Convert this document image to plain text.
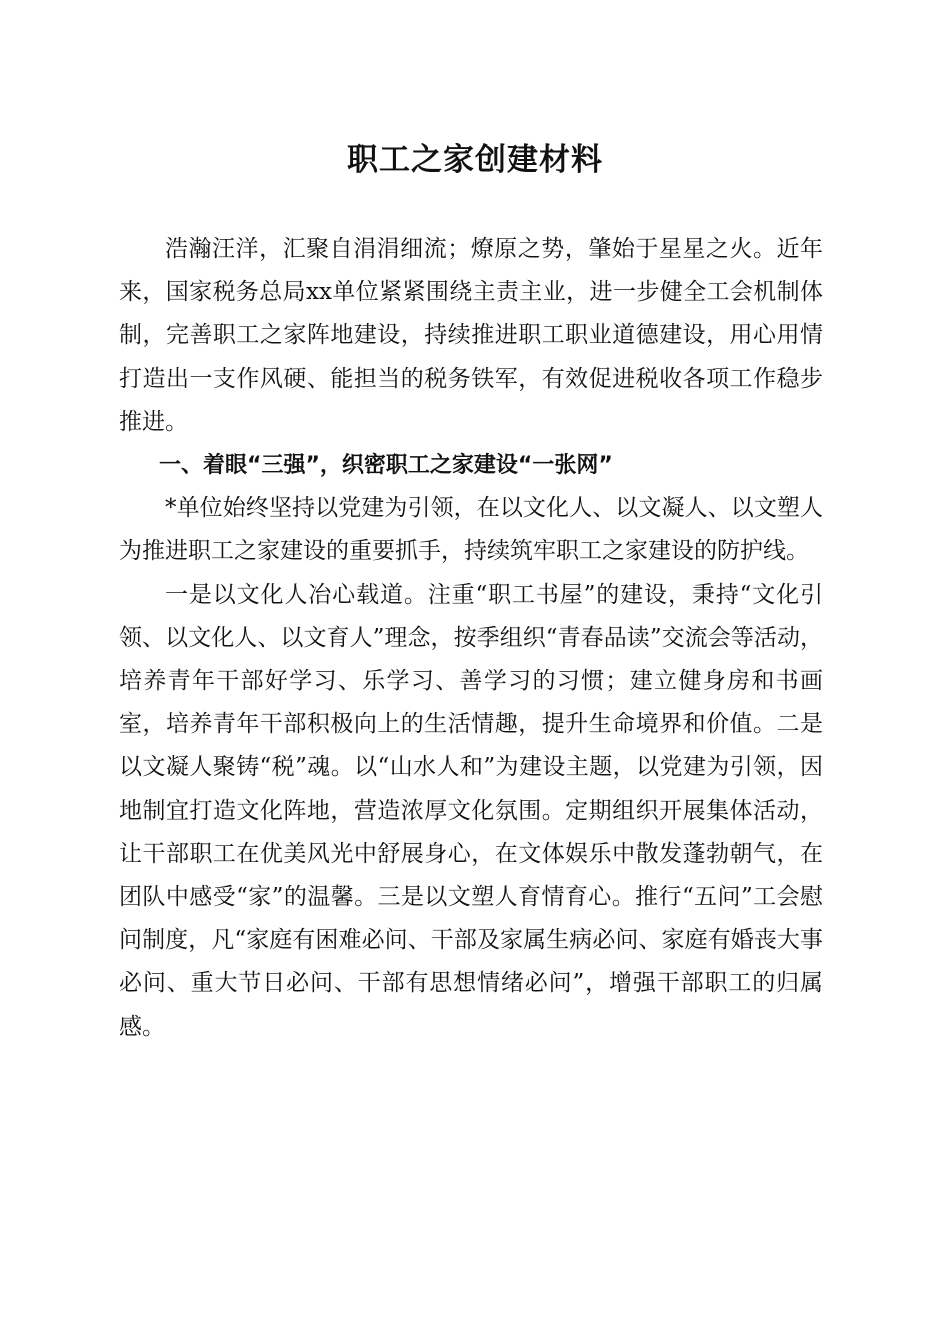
职工之家创建材料

浩瀚汪洋，汇聚自涓涓细流；燎原之势，肇始于星星之火。近年来，国家税务总局xx单位紧紧围绕主责主业，进一步健全工会机制体制，完善职工之家阵地建设，持续推进职工职业道德建设，用心用情打造出一支作风硬、能担当的税务铁军，有效促进税收各项工作稳步推进。

一、着眼“三强”，织密职工之家建设“一张网”

*单位始终坚持以党建为引领，在以文化人、以文凝人、以文塑人为推进职工之家建设的重要抓手，持续筑牢职工之家建设的防护线。

一是以文化人冶心载道。注重“职工书屋”的建设，秉持“文化引领、以文化人、以文育人”理念，按季组织“青春品读”交流会等活动，培养青年干部好学习、乐学习、善学习的习惯；建立健身房和书画室，培养青年干部积极向上的生活情趣，提升生命境界和价值。二是以文凝人聚铸“税”魂。以“山水人和”为建设主题，以党建为引领，因地制宜打造文化阵地，营造浓厚文化氛围。定期组织开展集体活动，让干部职工在优美风光中舒展身心，在文体娱乐中散发蓬勃朝气，在团队中感受“家”的温馨。三是以文塑人育情育心。推行“五问”工会慰问制度，凡“家庭有困难必问、干部及家属生病必问、家庭有婚丧大事必问、重大节日必问、干部有思想情绪必问”，增强干部职工的归属感。
